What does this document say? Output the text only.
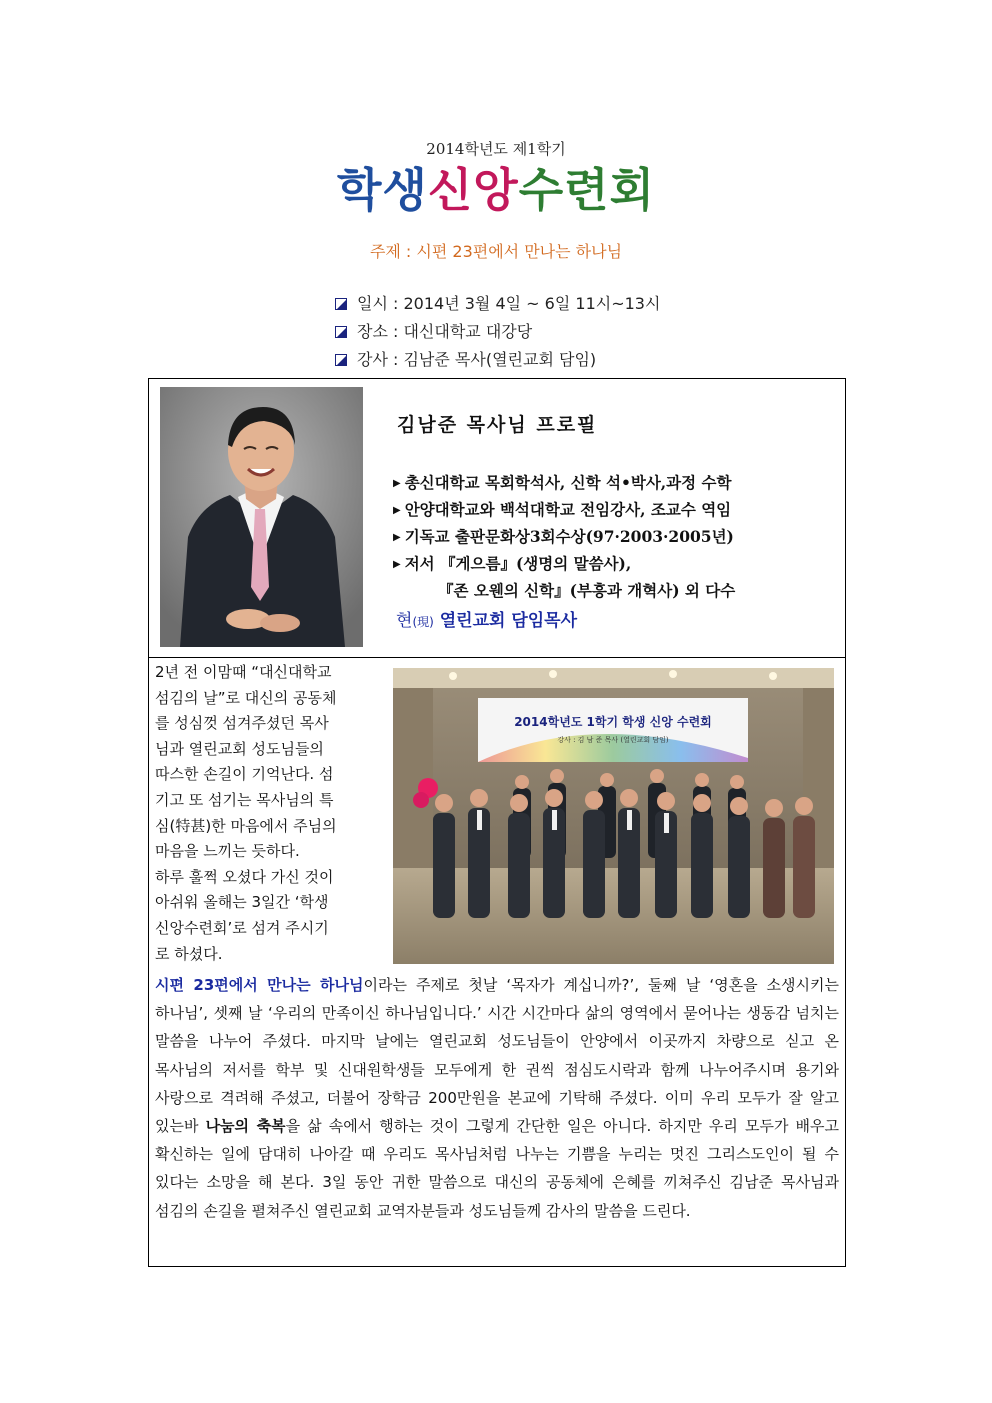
2014학년도 제1학기
학생신앙수련회
주제 : 시편 23편에서 만나는 하나님
일시 : 2014년 3월 4일 ~ 6일 11시~13시
장소 : 대신대학교 대강당
강사 : 김남준 목사(열린교회 담임)
김남준 목사님 프로필
▶ 총신대학교 목회학석사, 신학 석•박사,과정 수학
▶ 안양대학교와 백석대학교 전임강사, 조교수 역임
▶ 기독교 출판문화상3회수상(97·2003·2005년)
▶ 저서 『게으름』(생명의 말씀사),
『존 오웬의 신학』(부흥과 개혁사) 외 다수
현(現) 열린교회 담임목사
2년 전 이맘때 “대신대학교
섬김의 날”로 대신의 공동체
를 성심껏 섬겨주셨던 목사
님과 열린교회 성도님들의
따스한 손길이 기억난다. 섬
기고 또 섬기는 목사님의 특
심(特甚)한 마음에서 주님의
마음을 느끼는 듯하다.
하루 훌쩍 오셨다 가신 것이
아쉬워 올해는 3일간 ‘학생
신앙수련회’로 섬겨 주시기
로 하셨다.
2014학년도 1학기 학생 신앙 수련회
강사 : 김 남 준 목사 (열린교회 담임)
시편 23편에서 만나는 하나님이라는 주제로 첫날 ‘목자가 계십니까?’, 둘째 날 ‘영혼을 소생시키는 하나님’, 셋째 날 ‘우리의 만족이신 하나님입니다.’ 시간 시간마다 삶의 영역에서 묻어나는 생동감 넘치는 말씀을 나누어 주셨다. 마지막 날에는 열린교회 성도님들이 안양에서 이곳까지 차량으로 싣고 온 목사님의 저서를 학부 및 신대원학생들 모두에게 한 권씩 점심도시락과 함께 나누어주시며 용기와 사랑으로 격려해 주셨고, 더불어 장학금 200만원을 본교에 기탁해 주셨다. 이미 우리 모두가 잘 알고 있는바 나눔의 축복을 삶 속에서 행하는 것이 그렇게 간단한 일은 아니다. 하지만 우리 모두가 배우고 확신하는 일에 담대히 나아갈 때 우리도 목사님처럼 나누는 기쁨을 누리는 멋진 그리스도인이 될 수 있다는 소망을 해 본다. 3일 동안 귀한 말씀으로 대신의 공동체에 은혜를 끼쳐주신 김남준 목사님과 섬김의 손길을 펼쳐주신 열린교회 교역자분들과 성도님들께 감사의 말씀을 드린다.
